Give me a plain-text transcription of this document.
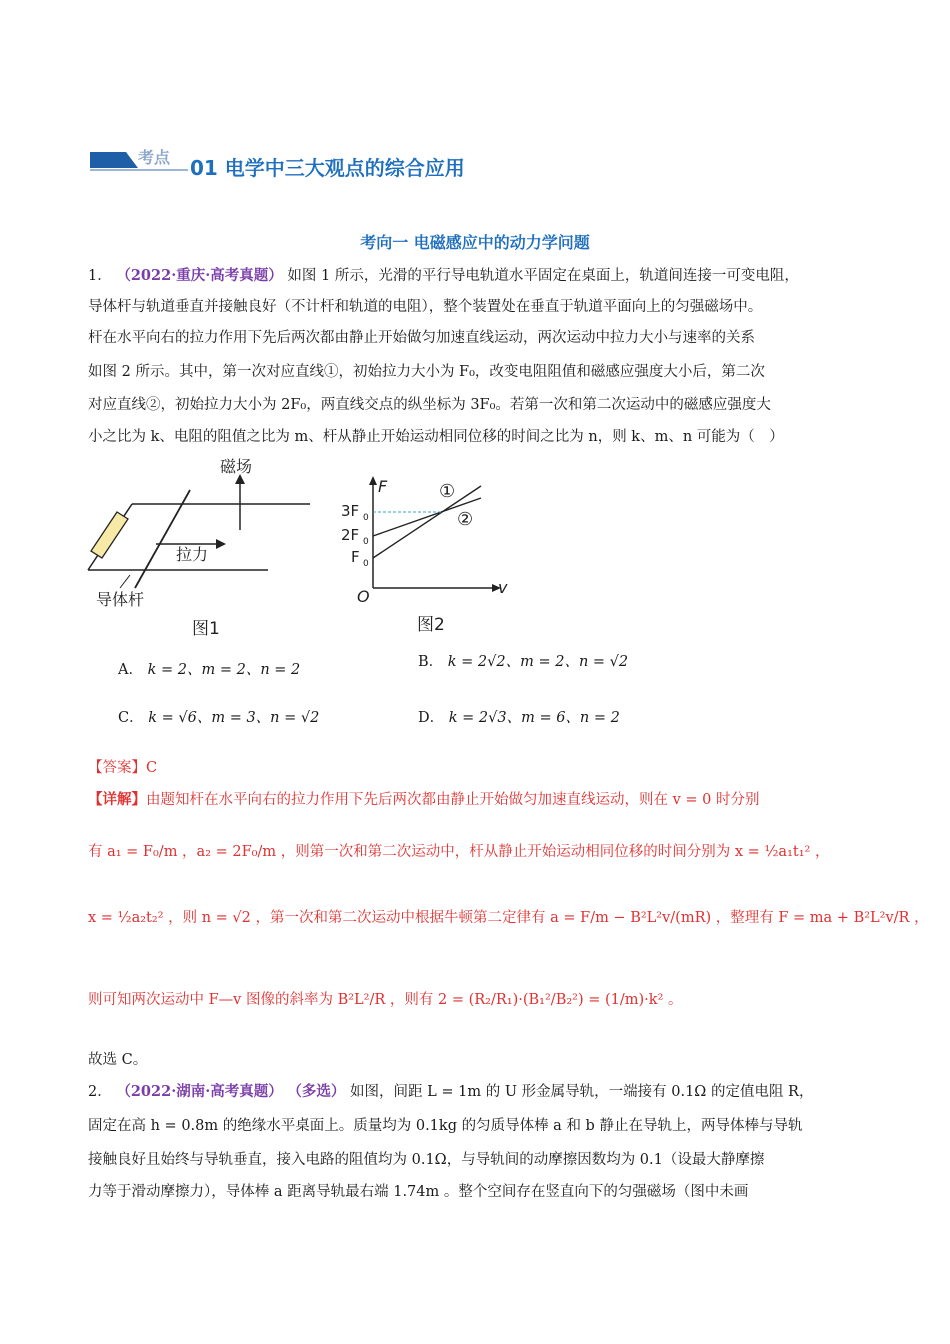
考点 01 电学中三大观点的综合应用
考向一 电磁感应中的动力学问题
1． （2022·重庆·高考真题） 如图 1 所示，光滑的平行导电轨道水平固定在桌面上，轨道间连接一可变电阻，
导体杆与轨道垂直并接触良好（不计杆和轨道的电阻），整个装置处在垂直于轨道平面向上的匀强磁场中。
杆在水平向右的拉力作用下先后两次都由静止开始做匀加速直线运动，两次运动中拉力大小与速率的关系
如图 2 所示。其中，第一次对应直线①，初始拉力大小为 F₀，改变电阻阻值和磁感应强度大小后，第二次
对应直线②，初始拉力大小为 2F₀，两直线交点的纵坐标为 3F₀。若第一次和第二次运动中的磁感应强度大
小之比为 k、电阻的阻值之比为 m、杆从静止开始运动相同位移的时间之比为 n，则 k、m、n 可能为（　）
磁场
拉力
导体杆
图1
F
v
O
3F 0
2F 0
F 0
①
②
图2
A． k = 2、m = 2、n = 2	B． k = 2√2、m = 2、n = √2
C． k = √6、m = 3、n = √2	D． k = 2√3、m = 6、n = 2
【答案】C
【详解】由题知杆在水平向右的拉力作用下先后两次都由静止开始做匀加速直线运动，则在 v = 0 时分别
有 a₁ = F₀/m ，a₂ = 2F₀/m ，则第一次和第二次运动中，杆从静止开始运动相同位移的时间分别为 x = ½a₁t₁² ，
x = ½a₂t₂² ，则 n = √2 ，第一次和第二次运动中根据牛顿第二定律有 a = F/m − B²L²v/(mR) ，整理有 F = ma + B²L²v/R ，
则可知两次运动中 F—v 图像的斜率为 B²L²/R ，则有 2 = (R₂/R₁)·(B₁²/B₂²) = (1/m)·k² 。
故选 C。
2． （2022·湖南·高考真题） （多选） 如图，间距 L = 1m 的 U 形金属导轨，一端接有 0.1Ω 的定值电阻 R，
固定在高 h = 0.8m 的绝缘水平桌面上。质量均为 0.1kg 的匀质导体棒 a 和 b 静止在导轨上，两导体棒与导轨
接触良好且始终与导轨垂直，接入电路的阻值均为 0.1Ω，与导轨间的动摩擦因数均为 0.1（设最大静摩擦
力等于滑动摩擦力），导体棒 a 距离导轨最右端 1.74m 。整个空间存在竖直向下的匀强磁场（图中未画
